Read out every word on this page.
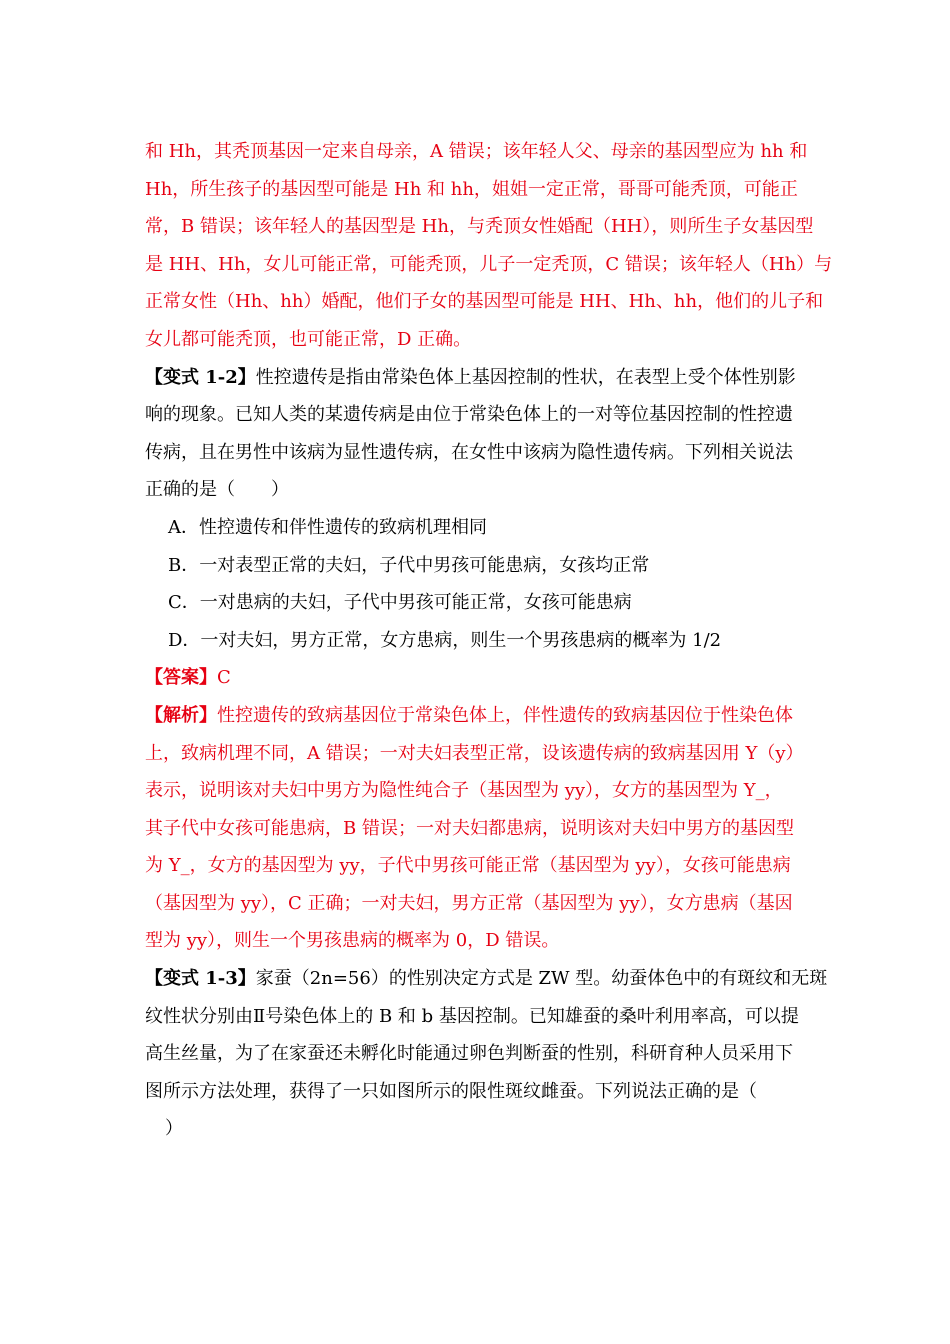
和 Hh，其秃顶基因一定来自母亲，A 错误；该年轻人父、母亲的基因型应为 hh 和
Hh，所生孩子的基因型可能是 Hh 和 hh，姐姐一定正常，哥哥可能秃顶，可能正
常，B 错误；该年轻人的基因型是 Hh，与秃顶女性婚配（HH），则所生子女基因型
是 HH、Hh，女儿可能正常，可能秃顶，儿子一定秃顶，C 错误；该年轻人（Hh）与
正常女性（Hh、hh）婚配，他们子女的基因型可能是 HH、Hh、hh，他们的儿子和
女儿都可能秃顶，也可能正常，D 正确。
【变式 1-2】性控遗传是指由常染色体上基因控制的性状，在表型上受个体性别影
响的现象。已知人类的某遗传病是由位于常染色体上的一对等位基因控制的性控遗
传病，且在男性中该病为显性遗传病，在女性中该病为隐性遗传病。下列相关说法
正确的是（　　）
A．性控遗传和伴性遗传的致病机理相同
B．一对表型正常的夫妇，子代中男孩可能患病，女孩均正常
C．一对患病的夫妇，子代中男孩可能正常，女孩可能患病
D．一对夫妇，男方正常，女方患病，则生一个男孩患病的概率为 1/2
【答案】C
【解析】性控遗传的致病基因位于常染色体上，伴性遗传的致病基因位于性染色体
上，致病机理不同，A 错误；一对夫妇表型正常，设该遗传病的致病基因用 Y（y）
表示，说明该对夫妇中男方为隐性纯合子（基因型为 yy），女方的基因型为 Y_，
其子代中女孩可能患病，B 错误；一对夫妇都患病，说明该对夫妇中男方的基因型
为 Y_，女方的基因型为 yy，子代中男孩可能正常（基因型为 yy），女孩可能患病
（基因型为 yy），C 正确；一对夫妇，男方正常（基因型为 yy），女方患病（基因
型为 yy），则生一个男孩患病的概率为 0，D 错误。
【变式 1-3】家蚕（2n=56）的性别决定方式是 ZW 型。幼蚕体色中的有斑纹和无斑
纹性状分别由Ⅱ号染色体上的 B 和 b 基因控制。已知雄蚕的桑叶利用率高，可以提
高生丝量，为了在家蚕还未孵化时能通过卵色判断蚕的性别，科研育种人员采用下
图所示方法处理，获得了一只如图所示的限性斑纹雌蚕。下列说法正确的是（
）
